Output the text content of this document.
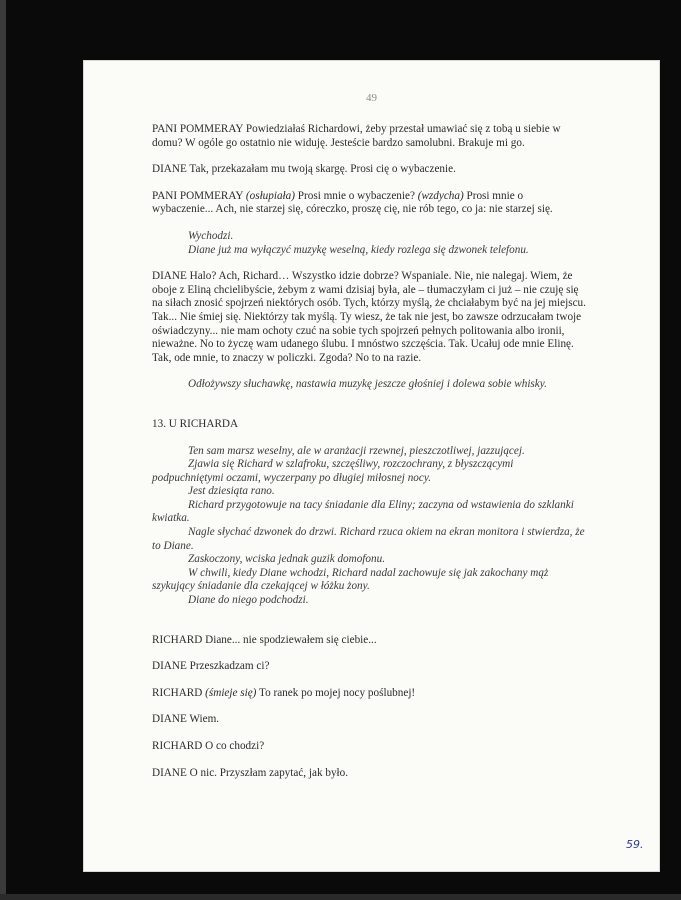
49

PANI POMMERAY Powiedziałaś Richardowi, żeby przestał umawiać się z tobą u siebie w domu? W ogóle go ostatnio nie widuję. Jesteście bardzo samolubni. Brakuje mi go.

DIANE Tak, przekazałam mu twoją skargę. Prosi cię o wybaczenie.

PANI POMMERAY (osłupiała) Prosi mnie o wybaczenie? (wzdycha) Prosi mnie o wybaczenie... Ach, nie starzej się, córeczko, proszę cię, nie rób tego, co ja: nie starzej się.

Wychodzi.

Diane już ma wyłączyć muzykę weselną, kiedy rozlega się dzwonek telefonu.

DIANE Halo? Ach, Richard… Wszystko idzie dobrze? Wspaniale. Nie, nie nalegaj. Wiem, że oboje z Eliną chcielibyście, żebym z wami dzisiaj była, ale – tłumaczyłam ci już – nie czuję się na siłach znosić spojrzeń niektórych osób. Tych, którzy myślą, że chciałabym być na jej miejscu. Tak... Nie śmiej się. Niektórzy tak myślą. Ty wiesz, że tak nie jest, bo zawsze odrzucałam twoje oświadczyny... nie mam ochoty czuć na sobie tych spojrzeń pełnych politowania albo ironii, nieważne. No to życzę wam udanego ślubu. I mnóstwo szczęścia. Tak. Ucałuj ode mnie Elinę. Tak, ode mnie, to znaczy w policzki. Zgoda? No to na razie.

Odłożywszy słuchawkę, nastawia muzykę jeszcze głośniej i dolewa sobie whisky.

13. U RICHARDA

Ten sam marsz weselny, ale w aranżacji rzewnej, pieszczotliwej, jazzującej.

Zjawia się Richard w szlafroku, szczęśliwy, rozczochrany, z błyszczącymi podpuchniętymi oczami, wyczerpany po długiej miłosnej nocy.

Jest dziesiąta rano.

Richard przygotowuje na tacy śniadanie dla Eliny; zaczyna od wstawienia do szklanki kwiatka.

Nagle słychać dzwonek do drzwi. Richard rzuca okiem na ekran monitora i stwierdza, że to Diane.

Zaskoczony, wciska jednak guzik domofonu.

W chwili, kiedy Diane wchodzi, Richard nadal zachowuje się jak zakochany mąż szykujący śniadanie dla czekającej w łóżku żony.

Diane do niego podchodzi.

RICHARD Diane... nie spodziewałem się ciebie...

DIANE Przeszkadzam ci?

RICHARD (śmieje się) To ranek po mojej nocy poślubnej!

DIANE Wiem.

RICHARD O co chodzi?

DIANE O nic. Przyszłam zapytać, jak było.

59.
